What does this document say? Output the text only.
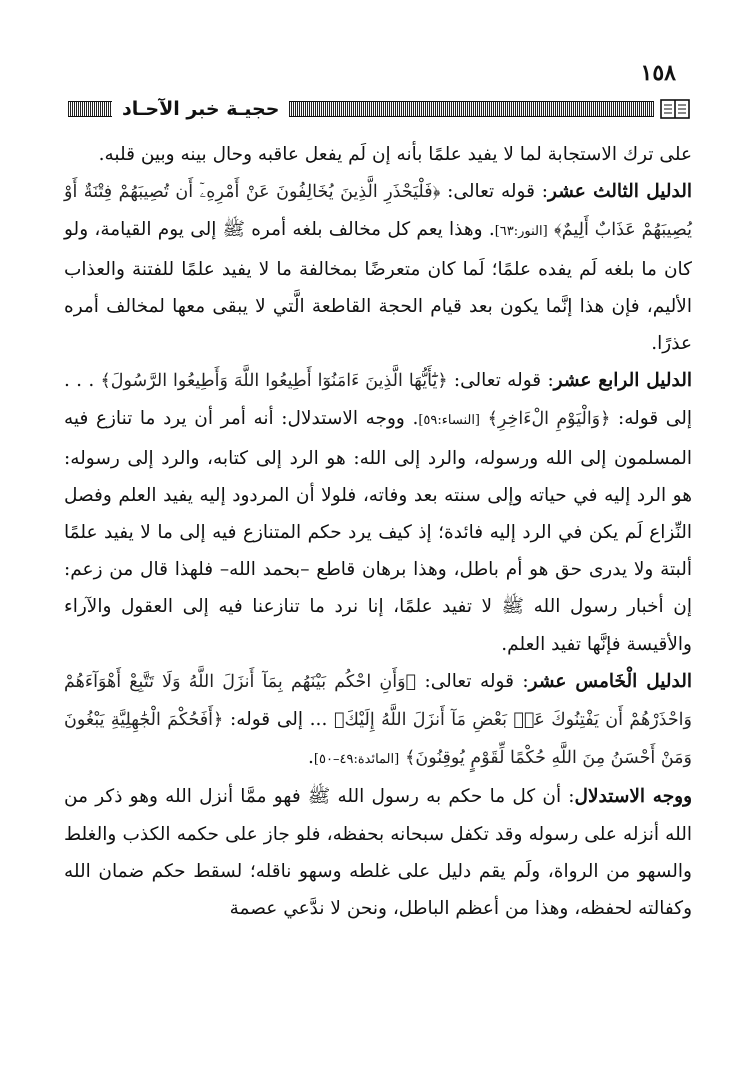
١٥٨
حجيـة خبر الآحـاد

على ترك الاستجابة لما لا يفيد علمًا بأنه إن لَم يفعل عاقبه وحال بينه وبين قلبه.

الدليل الثالث عشر: قوله تعالى: ﴿فَلْيَحْذَرِ الَّذِينَ يُخَالِفُونَ عَنْ أَمْرِهِۦٓ أَن تُصِيبَهُمْ فِتْنَةٌ أَوْ يُصِيبَهُمْ عَذَابٌ أَلِيمٌ﴾ [النور:٦٣]. وهذا يعم كل مخالف بلغه أمره ﷺ إلى يوم القيامة، ولو كان ما بلغه لَم يفده علمًا؛ لَما كان متعرضًا بمخالفة ما لا يفيد علمًا للفتنة والعذاب الأليم، فإن هذا إنَّما يكون بعد قيام الحجة القاطعة الَّتي لا يبقى معها لمخالف أمره عذرًا.

الدليل الرابع عشر: قوله تعالى: ﴿يَٰٓأَيُّهَا الَّذِينَ ءَامَنُوٓا أَطِيعُوا اللَّهَ وَأَطِيعُوا الرَّسُولَ﴾ . . . إلى قوله: ﴿وَالْيَوْمِ الْءَاخِرِ﴾ [النساء:٥٩]. ووجه الاستدلال: أنه أمر أن يرد ما تنازع فيه المسلمون إلى الله ورسوله، والرد إلى الله: هو الرد إلى كتابه، والرد إلى رسوله: هو الرد إليه في حياته وإلى سنته بعد وفاته، فلولا أن المردود إليه يفيد العلم وفصل النِّزاع لَم يكن في الرد إليه فائدة؛ إذ كيف يرد حكم المتنازع فيه إلى ما لا يفيد علمًا ألبتة ولا يدرى حق هو أم باطل، وهذا برهان قاطع –بحمد الله– فلهذا قال من زعم: إن أخبار رسول الله ﷺ لا تفيد علمًا، إنا نرد ما تنازعنا فيه إلى العقول والآراء والأقيسة فإنَّها تفيد العلم.

الدليل الْخَامس عشر: قوله تعالى: ﴿وَأَنِ احْكُم بَيْنَهُم بِمَآ أَنزَلَ اللَّهُ وَلَا تَتَّبِعْ أَهْوَآءَهُمْ وَاحْذَرْهُمْ أَن يَفْتِنُوكَ عَنۢ بَعْضِ مَآ أَنزَلَ اللَّهُ إِلَيْكَ﴾ ... إلى قوله: ﴿أَفَحُكْمَ الْجَٰهِلِيَّةِ يَبْغُونَ وَمَنْ أَحْسَنُ مِنَ اللَّهِ حُكْمًا لِّقَوْمٍ يُوقِنُونَ﴾ [المائدة:٤٩–٥٠].

ووجه الاستدلال: أن كل ما حكم به رسول الله ﷺ فهو ممَّا أنزل الله وهو ذكر من الله أنزله على رسوله وقد تكفل سبحانه بحفظه، فلو جاز على حكمه الكذب والغلط والسهو من الرواة، ولَم يقم دليل على غلطه وسهو ناقله؛ لسقط حكم ضمان الله وكفالته لحفظه، وهذا من أعظم الباطل، ونحن لا ندَّعي عصمة
